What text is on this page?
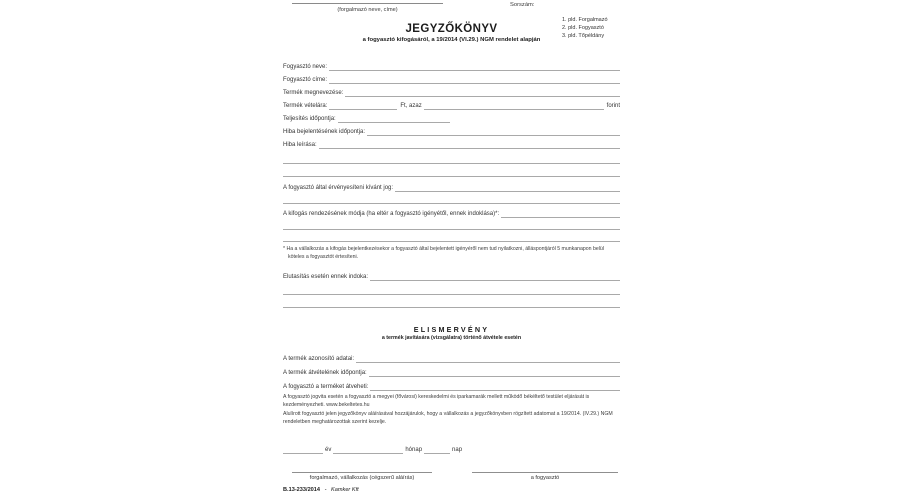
(forgalmazó neve, címe)
Sorszám:
JEGYZŐKÖNYV
a fogyasztó kifogásáról, a 19/2014 (VI.29.) NGM rendelet alapján
1. pld. Forgalmazó
2. pld. Fogyasztó
3. pld. Tőpéldány
Fogyasztó neve:
Fogyasztó címe:
Termék megnevezése:
Termék vételára:	Ft, azaz	forint
Teljesítés időpontja:
Hiba bejelentésének időpontja:
Hiba leírása:
A fogyasztó által érvényesíteni kívánt jog:
A kifogás rendezésének módja (ha eltér a fogyasztó igényétől, ennek indoklása)*:
* Ha a vállalkozás a kifogás bejelentkezésekor a fogyasztó által bejelentett igényéről nem tud nyilatkozni, álláspontjáról 5 munkanapon belül köteles a fogyasztót értesíteni.
Elutasítás esetén ennek indoka:
ELISMERVÉNY
a termék javítására (vizsgálatra) történő átvétele esetén
A termék azonosító adatai:
A termék átvételének időpontja:
A fogyasztó a terméket átveheti:
A fogyasztó jogvita esetén a fogyasztó a megyei (fővárosi) kereskedelmi és iparkamarák mellett működő békéltető testület eljárását is kezdeményezheti. www.bekeltetes.hu
Alulírott fogyasztó jelen jegyzőkönyv aláírásával hozzájárulok, hogy a vállalkozás a jegyzőkönyvben rögzített adatomat a 19/2014. (IV.29.) NGM rendeletben meghatározottak szerint kezelje.
év	hónap	nap
forgalmazó, vállalkozás (cégszerű aláírás)	a fogyasztó
B.13-233/2014 - Kamker Kft
